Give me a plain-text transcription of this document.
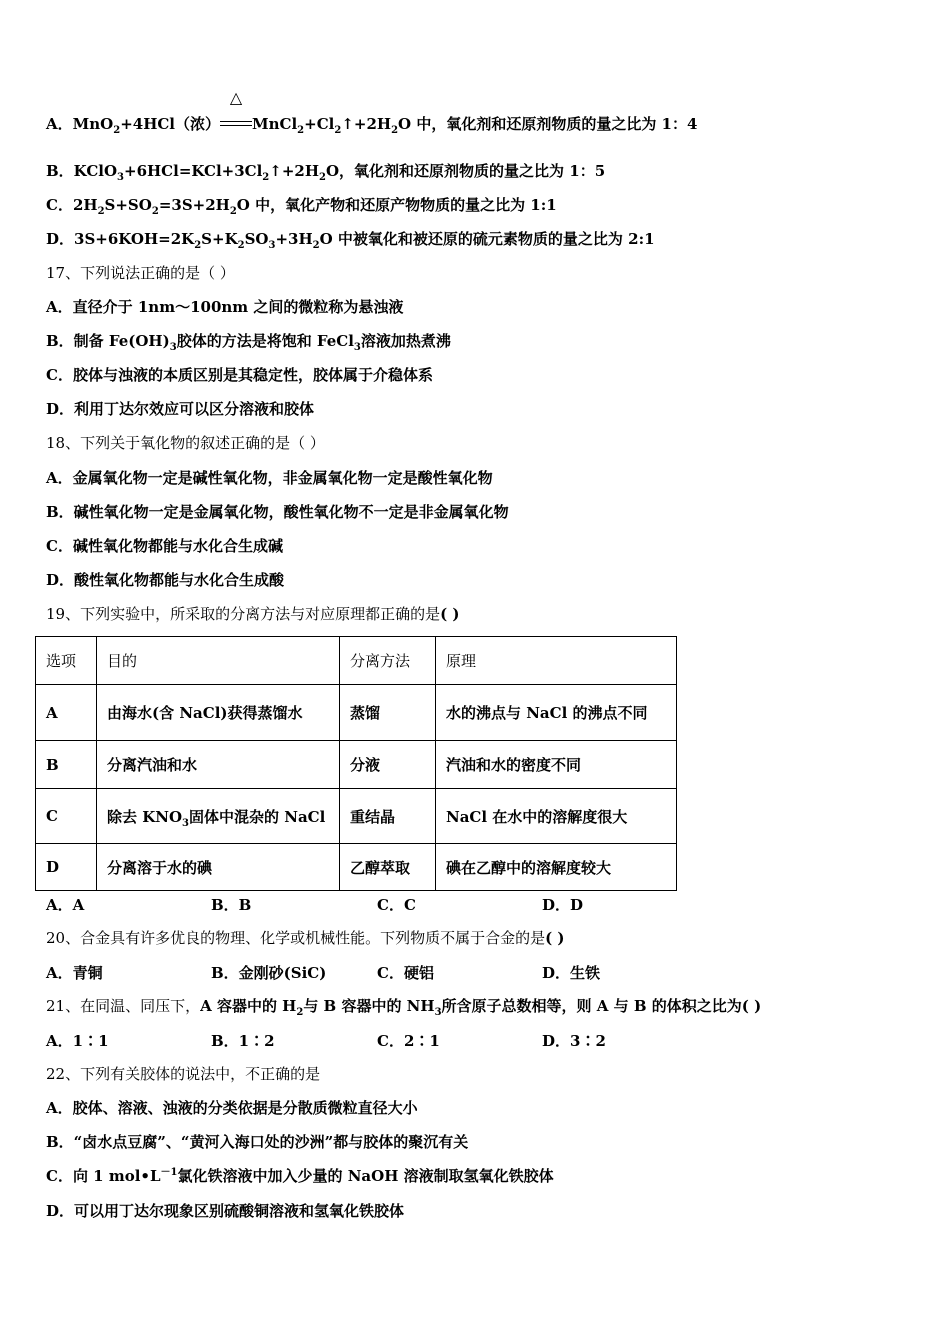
A．MnO$_2$+4HCl（浓）
△
$MnCl_2+Cl_2↑+2H_2O$ 中，氧化剂和还原剂物质的量之比为 1：4
B．$KClO_3+6HCl=KCl+3Cl_2↑+2H_2O$，氧化剂和还原剂物质的量之比为 1：5
C．$2H_2S+SO_2=3S+2H_2O$ 中，氧化产物和还原产物物质的量之比为 1:1
D．$3S+6KOH=2K_2S+K_2SO_3+3H_2O$ 中被氧化和被还原的硫元素物质的量之比为 2:1
17、下列说法正确的是（ ）
A．直径介于 1nm～100nm 之间的微粒称为悬浊液
B．制备 $Fe(OH)_3$胶体的方法是将饱和 FeCl$_3$溶液加热煮沸
C．胶体与浊液的本质区别是其稳定性，胶体属于介稳体系
D．利用丁达尔效应可以区分溶液和胶体
18、下列关于氧化物的叙述正确的是（ ）
A．金属氧化物一定是碱性氧化物，非金属氧化物一定是酸性氧化物
B．碱性氧化物一定是金属氧化物，酸性氧化物不一定是非金属氧化物
C．碱性氧化物都能与水化合生成碱
D．酸性氧化物都能与水化合生成酸
19、下列实验中，所采取的分离方法与对应原理都正确的是( )
选项	目的	分离方法	原理
A	由海水(含 NaCl)获得蒸馏水	蒸馏	水的沸点与 NaCl 的沸点不同
B	分离汽油和水	分液	汽油和水的密度不同
C	除去 $KNO_3$固体中混杂的 NaCl	重结晶	NaCl 在水中的溶解度很大
D	分离溶于水的碘	乙醇萃取	碘在乙醇中的溶解度较大
A．A	B．B	C．C	D．D
20、合金具有许多优良的物理、化学或机械性能。下列物质不属于合金的是( )
A．青铜	B．金刚砂(SiC)	C．硬铝	D．生铁
21、在同温、同压下，A 容器中的 $H_2$与 B 容器中的 $NH_3$所含原子总数相等，则 A 与 B 的体积之比为( )
A．1∶1	B．1∶2	C．2∶1	D．3∶2
22、下列有关胶体的说法中，不正确的是
A．胶体、溶液、浊液的分类依据是分散质微粒直径大小
B．“卤水点豆腐”、“黄河入海口处的沙洲”都与胶体的聚沉有关
C．向 1 $mol•L^{-1}$氯化铁溶液中加入少量的 NaOH 溶液制取氢氧化铁胶体
D．可以用丁达尔现象区别硫酸铜溶液和氢氧化铁胶体
